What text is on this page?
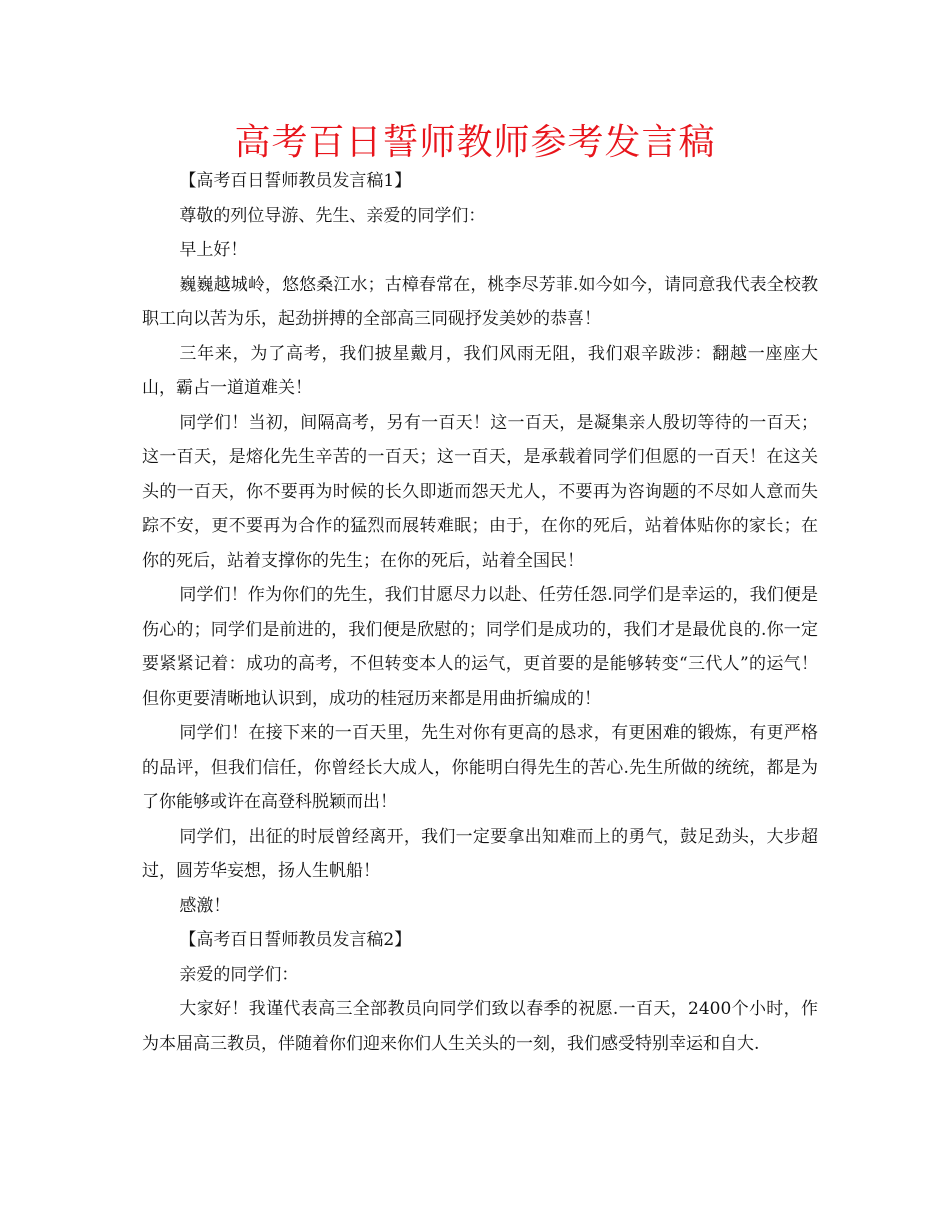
高考百日誓师教师参考发言稿

【高考百日誓师教员发言稿1】

尊敬的列位导游、先生、亲爱的同学们：

早上好！

巍巍越城岭，悠悠桑江水；古樟春常在，桃李尽芳菲.如今如今，请同意我代表全校教职工向以苦为乐，起劲拼搏的全部高三同砚抒发美妙的恭喜！

三年来，为了高考，我们披星戴月，我们风雨无阻，我们艰辛跋涉：翻越一座座大山，霸占一道道难关！

同学们！当初，间隔高考，另有一百天！这一百天，是凝集亲人殷切等待的一百天；这一百天，是熔化先生辛苦的一百天；这一百天，是承载着同学们但愿的一百天！在这关头的一百天，你不要再为时候的长久即逝而怨天尤人，不要再为咨询题的不尽如人意而失踪不安，更不要再为合作的猛烈而展转难眠；由于，在你的死后，站着体贴你的家长；在你的死后，站着支撑你的先生；在你的死后，站着全国民！

同学们！作为你们的先生，我们甘愿尽力以赴、任劳任怨.同学们是幸运的，我们便是伤心的；同学们是前进的，我们便是欣慰的；同学们是成功的，我们才是最优良的.你一定要紧紧记着：成功的高考，不但转变本人的运气，更首要的是能够转变“三代人”的运气！但你更要清晰地认识到，成功的桂冠历来都是用曲折编成的！

同学们！在接下来的一百天里，先生对你有更高的恳求，有更困难的锻炼，有更严格的品评，但我们信任，你曾经长大成人，你能明白得先生的苦心.先生所做的统统，都是为了你能够或许在高登科脱颖而出！

同学们，出征的时辰曾经离开，我们一定要拿出知难而上的勇气，鼓足劲头，大步超过，圆芳华妄想，扬人生帆船！

感激！

【高考百日誓师教员发言稿2】

亲爱的同学们：

大家好！我谨代表高三全部教员向同学们致以春季的祝愿.一百天，2400个小时，作为本届高三教员，伴随着你们迎来你们人生关头的一刻，我们感受特别幸运和自大.
